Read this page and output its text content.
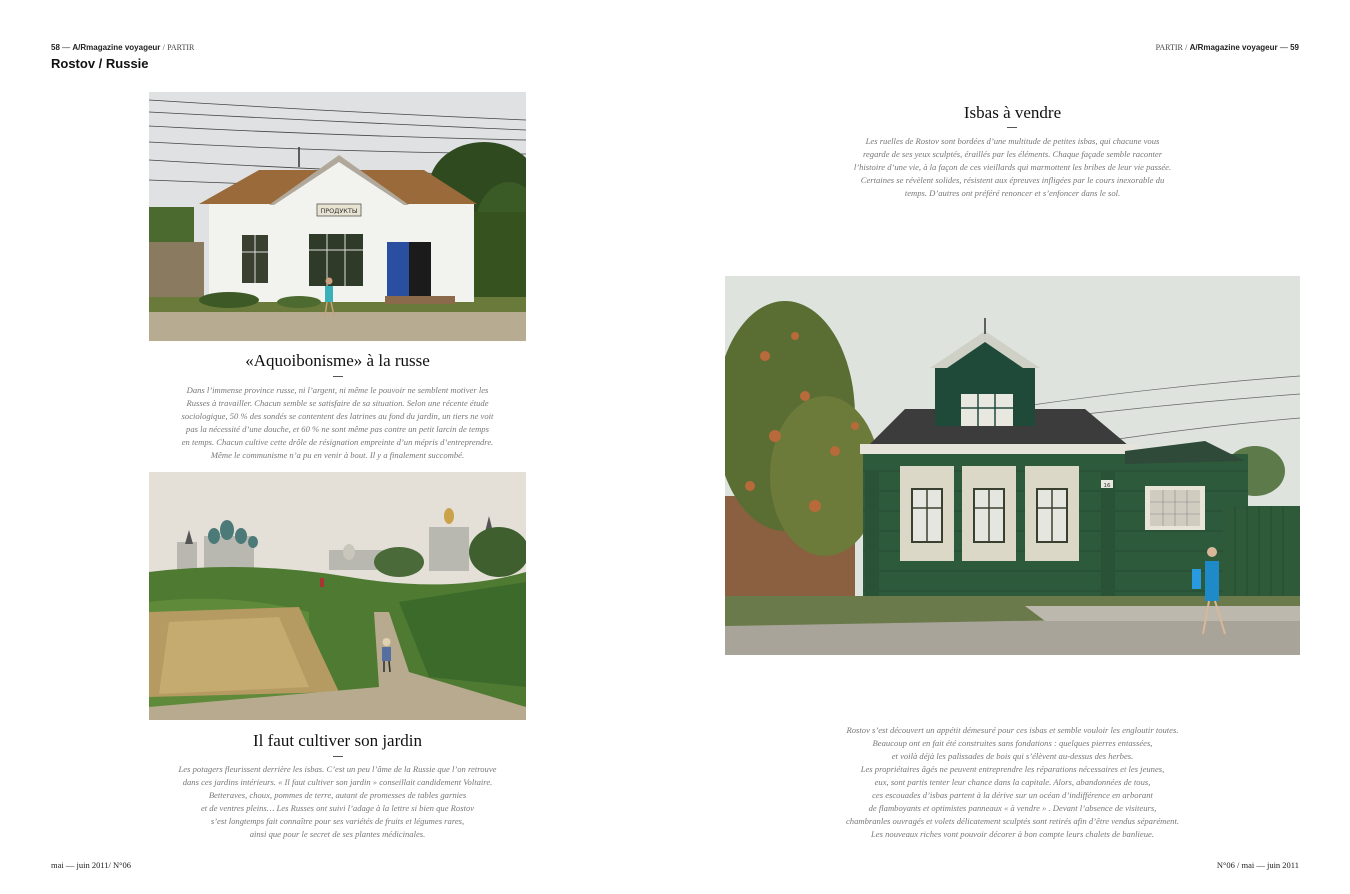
58 — A/Rmagazine voyageur / PARTIR
Rostov / Russie
ПРОДУКТЫ
«Aquoibonisme» à la russe

Dans l’immense province russe, ni l’argent, ni même le pouvoir ne semblent motiver les

Russes à travailler. Chacun semble se satisfaire de sa situation. Selon une récente étude

sociologique, 50 % des sondés se contentent des latrines au fond du jardin, un tiers ne voit

pas la nécessité d’une douche, et 60 % ne sont même pas contre un petit larcin de temps

en temps. Chacun cultive cette drôle de résignation empreinte d’un mépris d’entreprendre.

Même le communisme n’a pu en venir à bout. Il y a finalement succombé.

Il faut cultiver son jardin

Les potagers fleurissent derrière les isbas. C’est un peu l’âme de la Russie que l’on retrouve

dans ces jardins intérieurs. « Il faut cultiver son jardin » conseillait candidement Voltaire.

Betteraves, choux, pommes de terre, autant de promesses de tables garnies

et de ventres pleins… Les Russes ont suivi l’adage à la lettre si bien que Rostov

s’est longtemps fait connaître pour ses variétés de fruits et légumes rares,

ainsi que pour le secret de ses plantes médicinales.

mai — juin 2011/ N°06
PARTIR / A/Rmagazine voyageur — 59
Isbas à vendre

Les ruelles de Rostov sont bordées d’une multitude de petites isbas, qui chacune vous

regarde de ses yeux sculptés, éraillés par les éléments. Chaque façade semble raconter

l’histoire d’une vie, à la façon de ces vieillards qui marmottent les bribes de leur vie passée.

Certaines se révèlent solides, résistent aux épreuves infligées par le cours inexorable du

temps. D’autres ont préféré renoncer et s’enfoncer dans le sol.

16

Rostov s’est découvert un appétit démesuré pour ces isbas et semble vouloir les engloutir toutes.

Beaucoup ont en fait été construites sans fondations : quelques pierres entassées,

et voilà déjà les palissades de bois qui s’élèvent au-dessus des herbes.

Les propriétaires âgés ne peuvent entreprendre les réparations nécessaires et les jeunes,

eux, sont partis tenter leur chance dans la capitale. Alors, abandonnées de tous,

ces escouades d’isbas partent à la dérive sur un océan d’indifférence en arborant

de flamboyants et optimistes panneaux « à vendre » . Devant l’absence de visiteurs,

chambranles ouvragés et volets délicatement sculptés sont retirés afin d’être vendus séparément.

Les nouveaux riches vont pouvoir décorer à bon compte leurs chalets de banlieue.

N°06 / mai — juin 2011
